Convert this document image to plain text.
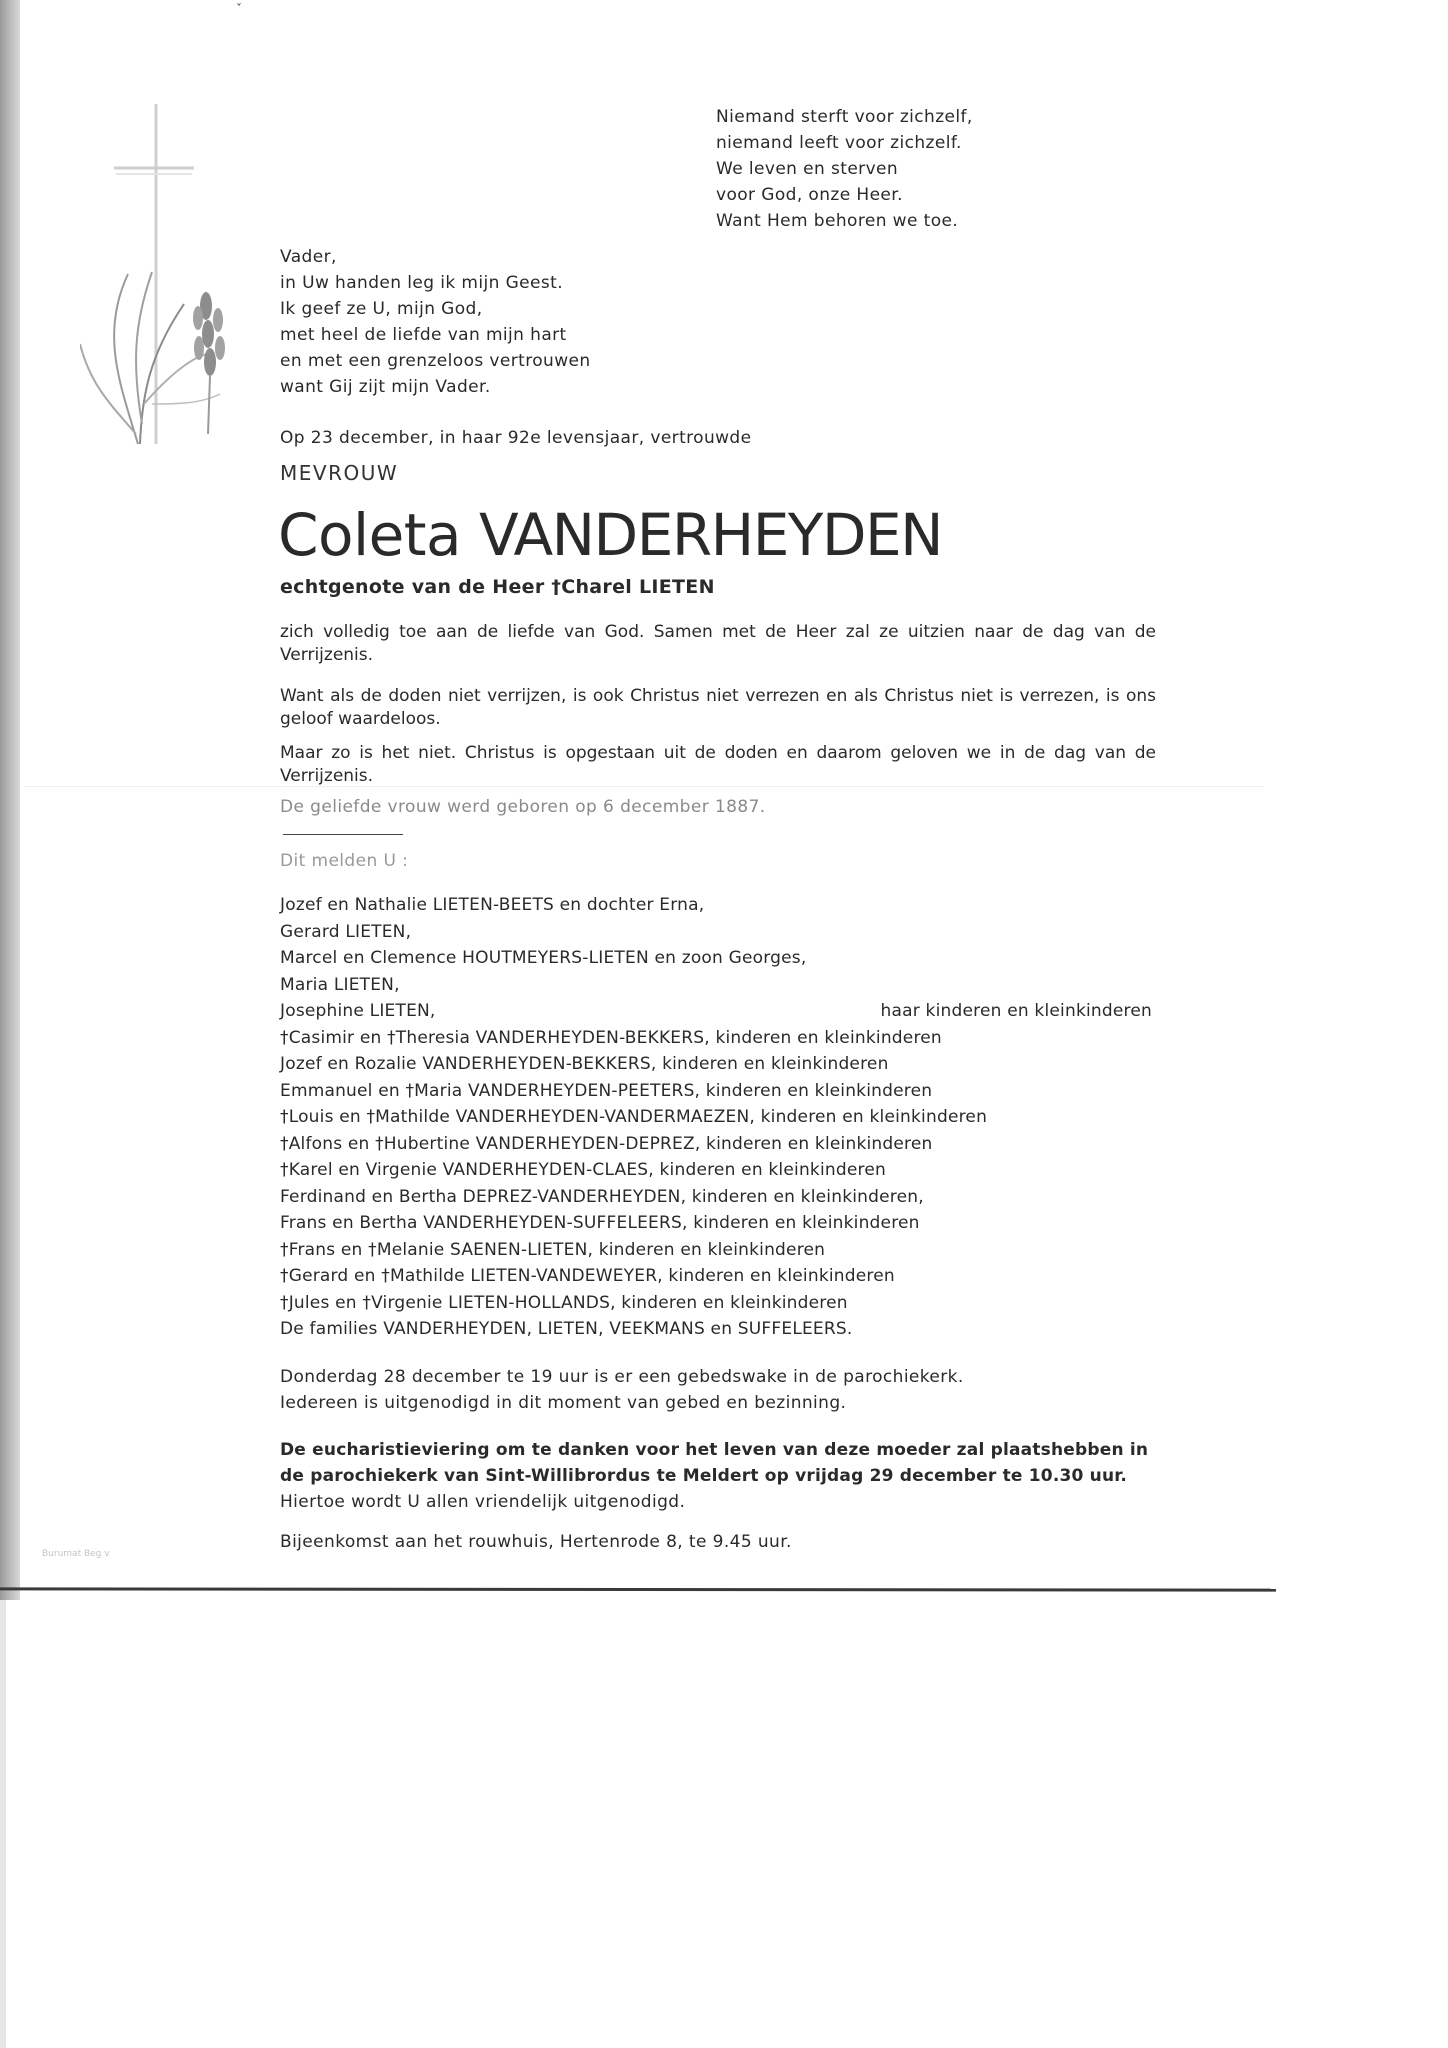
ˇ
Niemand sterft voor zichzelf,
niemand leeft voor zichzelf.
We leven en sterven
voor God, onze Heer.
Want Hem behoren we toe.
Vader,
in Uw handen leg ik mijn Geest.
Ik geef ze U, mijn God,
met heel de liefde van mijn hart
en met een grenzeloos vertrouwen
want Gij zijt mijn Vader.
Op 23 december, in haar 92e levensjaar, vertrouwde
MEVROUW
Coleta VANDERHEYDEN
echtgenote van de Heer †Charel LIETEN
zich volledig toe aan de liefde van God. Samen met de Heer zal ze uitzien naar de dag van de Verrijzenis.
Want als de doden niet verrijzen, is ook Christus niet verrezen en als Christus niet is verrezen, is ons geloof waardeloos.
Maar zo is het niet. Christus is opgestaan uit de doden en daarom geloven we in de dag van de Verrijzenis.
De geliefde vrouw werd geboren op 6 december 1887.
Dit melden U :
Jozef en Nathalie LIETEN-BEETS en dochter Erna,
Gerard LIETEN,
Marcel en Clemence HOUTMEYERS-LIETEN en zoon Georges,
Maria LIETEN,
Josephine LIETEN,	haar kinderen en kleinkinderen
†Casimir en †Theresia VANDERHEYDEN-BEKKERS, kinderen en kleinkinderen
Jozef en Rozalie VANDERHEYDEN-BEKKERS, kinderen en kleinkinderen
Emmanuel en †Maria VANDERHEYDEN-PEETERS, kinderen en kleinkinderen
†Louis en †Mathilde VANDERHEYDEN-VANDERMAEZEN, kinderen en kleinkinderen
†Alfons en †Hubertine VANDERHEYDEN-DEPREZ, kinderen en kleinkinderen
†Karel en Virgenie VANDERHEYDEN-CLAES, kinderen en kleinkinderen
Ferdinand en Bertha DEPREZ-VANDERHEYDEN, kinderen en kleinkinderen,
Frans en Bertha VANDERHEYDEN-SUFFELEERS, kinderen en kleinkinderen
†Frans en †Melanie SAENEN-LIETEN, kinderen en kleinkinderen
†Gerard en †Mathilde LIETEN-VANDEWEYER, kinderen en kleinkinderen
†Jules en †Virgenie LIETEN-HOLLANDS, kinderen en kleinkinderen
De families VANDERHEYDEN, LIETEN, VEEKMANS en SUFFELEERS.
Donderdag 28 december te 19 uur is er een gebedswake in de parochiekerk.
Iedereen is uitgenodigd in dit moment van gebed en bezinning.
De eucharistieviering om te danken voor het leven van deze moeder zal plaatshebben in de parochiekerk van Sint-Willibrordus te Meldert op vrijdag 29 december te 10.30 uur.
Hiertoe wordt U allen vriendelijk uitgenodigd.
Bijeenkomst aan het rouwhuis, Hertenrode 8, te 9.45 uur.
Burumat Beg v
